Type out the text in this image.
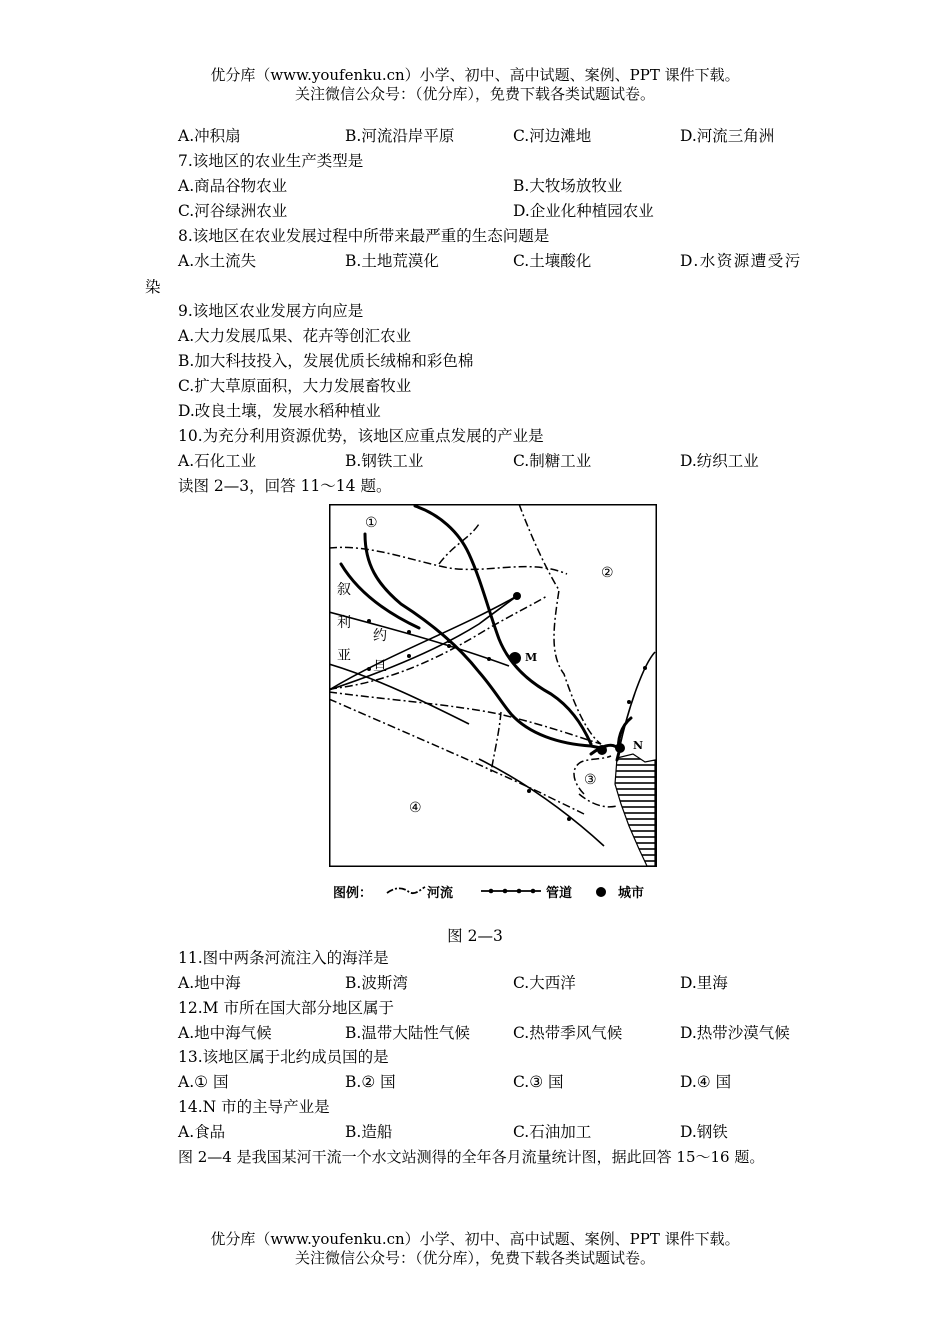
优分库（www.youfenku.cn）小学、初中、高中试题、案例、PPT 课件下载。
关注微信公众号：（优分库），免费下载各类试题试卷。
A.冲积扇	B.河流沿岸平原	C.河边滩地	D.河流三角洲
7.该地区的农业生产类型是
A.商品谷物农业	B.大牧场放牧业
C.河谷绿洲农业	D.企业化种植园农业
8.该地区在农业发展过程中所带来最严重的生态问题是
A.水土流失	B.土地荒漠化	C.土壤酸化	D.水资源遭受污
染
9.该地区农业发展方向应是
A.大力发展瓜果、花卉等创汇农业
B.加大科技投入，发展优质长绒棉和彩色棉
C.扩大草原面积，大力发展畜牧业
D.改良土壤，发展水稻种植业
10.为充分利用资源优势，该地区应重点发展的产业是
A.石化工业	B.钢铁工业	C.制糖工业	D.纺织工业
读图 2—3，回答 11～14 题。
①
②
③
④
叙
利
亚
约
旦
M
N
图例：	河流	管道	城市
图 2—3
11.图中两条河流注入的海洋是
A.地中海	B.波斯湾	C.大西洋	D.里海
12.M 市所在国大部分地区属于
A.地中海气候	B.温带大陆性气候	C.热带季风气候	D.热带沙漠气候
13.该地区属于北约成员国的是
A.① 国	B.② 国	C.③ 国	D.④ 国
14.N 市的主导产业是
A.食品	B.造船	C.石油加工	D.钢铁
图 2—4 是我国某河干流一个水文站测得的全年各月流量统计图，据此回答 15～16 题。
优分库（www.youfenku.cn）小学、初中、高中试题、案例、PPT 课件下载。
关注微信公众号：（优分库），免费下载各类试题试卷。
